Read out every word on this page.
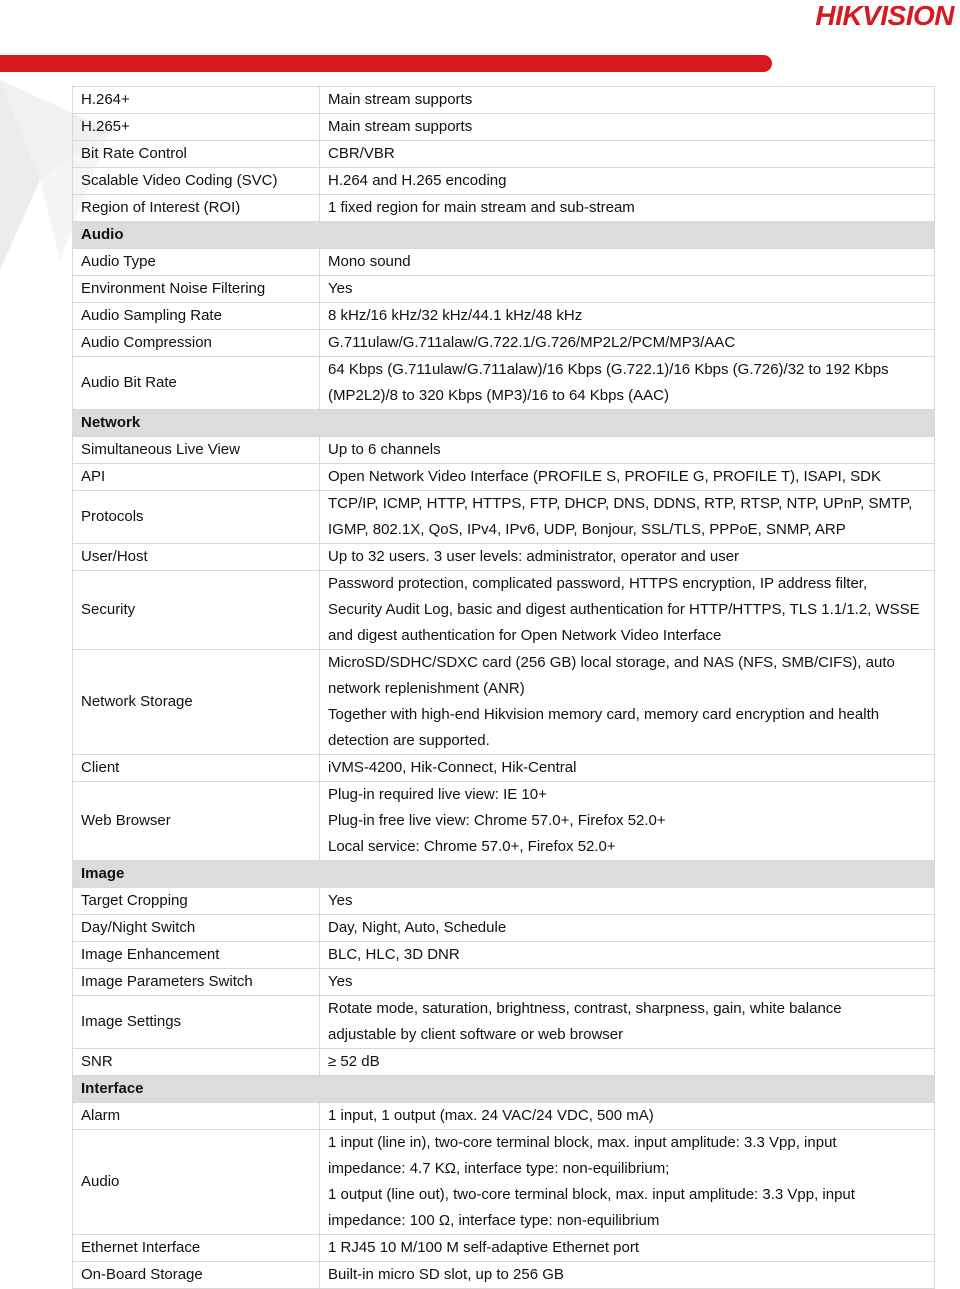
HIKVISION
H.264+	Main stream supports

H.265+	Main stream supports

Bit Rate Control	CBR/VBR

Scalable Video Coding (SVC)	H.264 and H.265 encoding

Region of Interest (ROI)	1 fixed region for main stream and sub-stream

Audio	
Audio Type	Mono sound

Environment Noise Filtering	Yes

Audio Sampling Rate	8 kHz/16 kHz/32 kHz/44.1 kHz/48 kHz

Audio Compression	G.711ulaw/G.711alaw/G.722.1/G.726/MP2L2/PCM/MP3/AAC

Audio Bit Rate	64 Kbps (G.711ulaw/G.711alaw)/16 Kbps (G.722.1)/16 Kbps (G.726)/32 to 192 Kbps
(MP2L2)/8 to 320 Kbps (MP3)/16 to 64 Kbps (AAC)

Network	
Simultaneous Live View	Up to 6 channels

API	Open Network Video Interface (PROFILE S, PROFILE G, PROFILE T), ISAPI, SDK

Protocols	TCP/IP, ICMP, HTTP, HTTPS, FTP, DHCP, DNS, DDNS, RTP, RTSP, NTP, UPnP, SMTP,
IGMP, 802.1X, QoS, IPv4, IPv6, UDP, Bonjour, SSL/TLS, PPPoE, SNMP, ARP

User/Host	Up to 32 users. 3 user levels: administrator, operator and user

Security	Password protection, complicated password, HTTPS encryption, IP address filter,
Security Audit Log, basic and digest authentication for HTTP/HTTPS, TLS 1.1/1.2, WSSE
and digest authentication for Open Network Video Interface

Network Storage	MicroSD/SDHC/SDXC card (256 GB) local storage, and NAS (NFS, SMB/CIFS), auto
network replenishment (ANR)
Together with high-end Hikvision memory card, memory card encryption and health
detection are supported.

Client	iVMS-4200, Hik-Connect, Hik-Central

Web Browser	Plug-in required live view: IE 10+
Plug-in free live view: Chrome 57.0+, Firefox 52.0+
Local service: Chrome 57.0+, Firefox 52.0+

Image	
Target Cropping	Yes

Day/Night Switch	Day, Night, Auto, Schedule

Image Enhancement	BLC, HLC, 3D DNR

Image Parameters Switch	Yes

Image Settings	Rotate mode, saturation, brightness, contrast, sharpness, gain, white balance
adjustable by client software or web browser

SNR	≥ 52 dB

Interface	
Alarm	1 input, 1 output (max. 24 VAC/24 VDC, 500 mA)

Audio	1 input (line in), two-core terminal block, max. input amplitude: 3.3 Vpp, input
impedance: 4.7 KΩ, interface type: non-equilibrium;
1 output (line out), two-core terminal block, max. input amplitude: 3.3 Vpp, input
impedance: 100 Ω, interface type: non-equilibrium

Ethernet Interface	1 RJ45 10 M/100 M self-adaptive Ethernet port

On-Board Storage	Built-in micro SD slot, up to 256 GB
